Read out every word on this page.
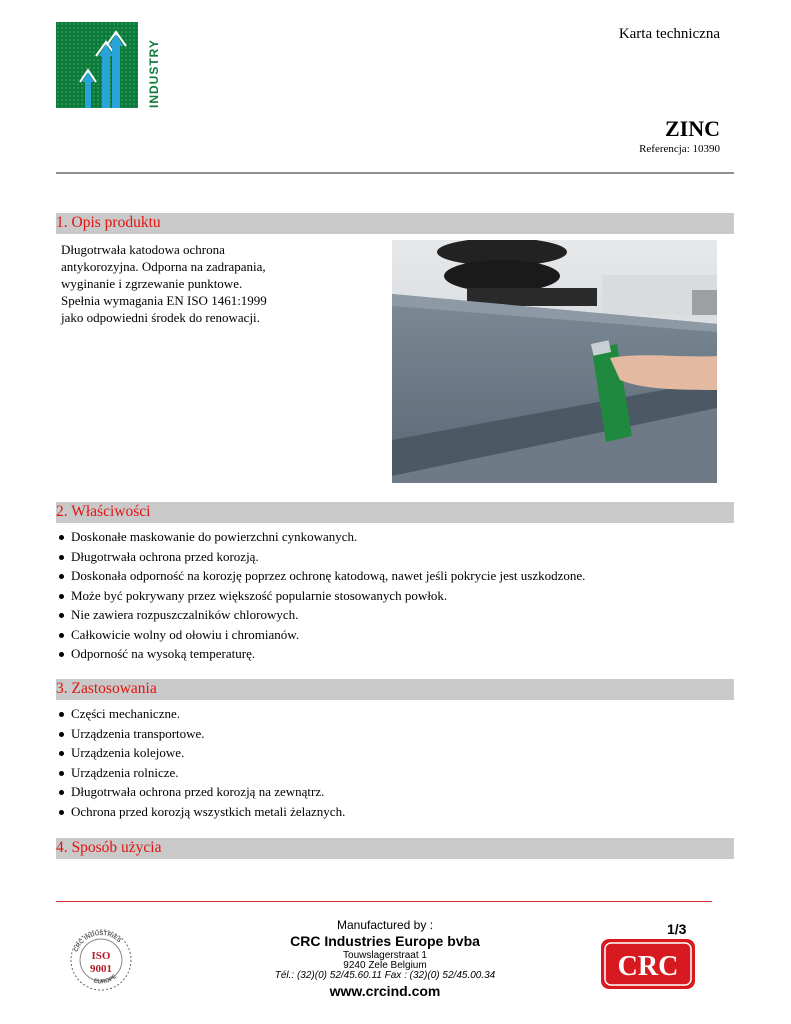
INDUSTRY
Karta techniczna
ZINC
Referencja: 10390
1. Opis produktu
Długotrwała katodowa ochrona antykorozyjna. Odporna na zadrapania, wyginanie i zgrzewanie punktowe. Spełnia wymagania EN ISO 1461:1999 jako odpowiedni środek do renowacji.
2. Właściwości
Doskonałe maskowanie do powierzchni cynkowanych.
Długotrwała ochrona przed korozją.
Doskonała odporność na korozję poprzez ochronę katodową, nawet jeśli pokrycie jest uszkodzone.
Może być pokrywany przez większość popularnie stosowanych powłok.
Nie zawiera rozpuszczalników chlorowych.
Całkowicie wolny od ołowiu i chromianów.
Odporność na wysoką temperaturę.
3. Zastosowania
Części mechaniczne.
Urządzenia transportowe.
Urządzenia kolejowe.
Urządzenia rolnicze.
Długotrwała ochrona przed korozją na zewnątrz.
Ochrona przed korozją wszystkich metali żelaznych.
4. Sposób użycia
CRC INDUSTRIES
EUROPE
ISO
9001
Manufactured by :
CRC Industries Europe bvba
Touwslagerstraat 1
9240 Zele Belgium
Tél.: (32)(0) 52/45.60.11 Fax : (32)(0) 52/45.00.34
www.crcind.com
1/3
CRC
